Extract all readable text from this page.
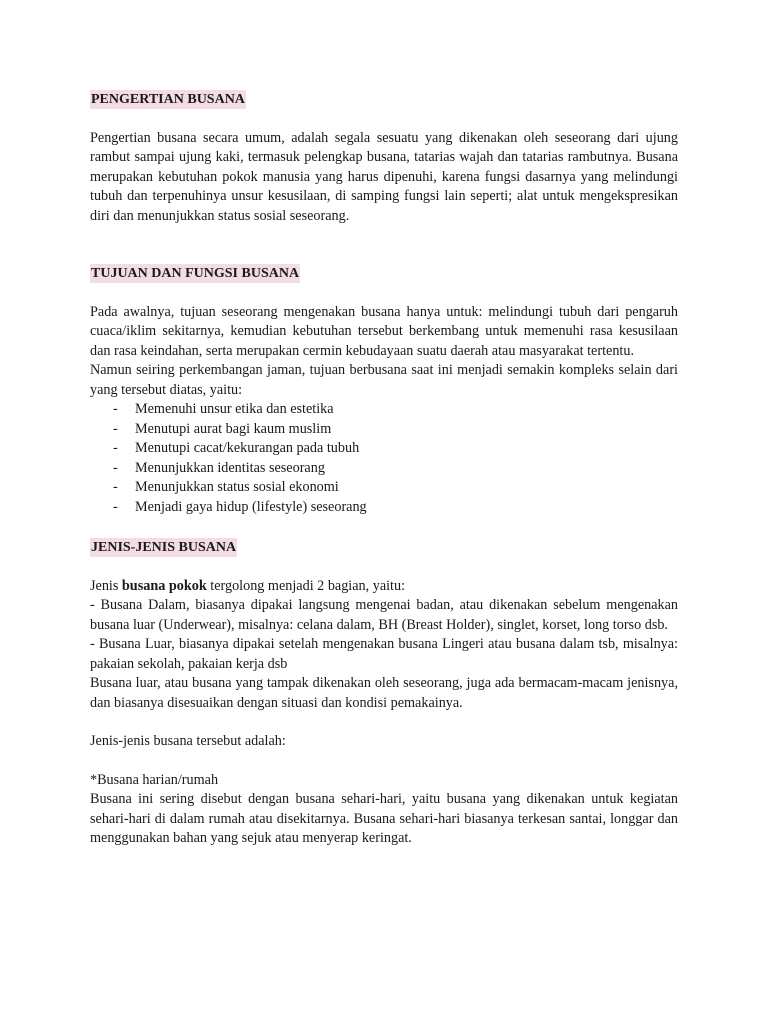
PENGERTIAN BUSANA

Pengertian busana secara umum, adalah segala sesuatu yang dikenakan oleh seseorang dari ujung rambut sampai ujung kaki, termasuk pelengkap busana, tatarias wajah dan tatarias rambutnya. Busana merupakan kebutuhan pokok manusia yang harus dipenuhi, karena fungsi dasarnya yang melindungi tubuh dan terpenuhinya unsur kesusilaan, di samping fungsi lain seperti; alat untuk mengekspresikan diri dan menunjukkan status sosial seseorang.

TUJUAN DAN FUNGSI BUSANA

Pada awalnya, tujuan seseorang mengenakan busana hanya untuk: melindungi tubuh dari pengaruh cuaca/iklim sekitarnya, kemudian kebutuhan tersebut berkembang untuk memenuhi rasa kesusilaan dan rasa keindahan, serta merupakan cermin kebudayaan suatu daerah atau masyarakat tertentu.

Namun seiring perkembangan jaman, tujuan berbusana saat ini menjadi semakin kompleks selain dari yang tersebut diatas, yaitu:

- Memenuhi unsur etika dan estetika
- Menutupi aurat bagi kaum muslim
- Menutupi cacat/kekurangan pada tubuh
- Menunjukkan identitas seseorang
- Menunjukkan status sosial ekonomi
- Menjadi gaya hidup (lifestyle) seseorang
JENIS-JENIS BUSANA

Jenis busana pokok tergolong menjadi 2 bagian, yaitu:

- Busana Dalam, biasanya dipakai langsung mengenai badan, atau dikenakan sebelum mengenakan busana luar (Underwear), misalnya: celana dalam, BH (Breast Holder), singlet, korset, long torso dsb.

- Busana Luar, biasanya dipakai setelah mengenakan busana Lingeri atau busana dalam tsb, misalnya: pakaian sekolah, pakaian kerja dsb

Busana luar, atau busana yang tampak dikenakan oleh seseorang, juga ada bermacam-macam jenisnya, dan biasanya disesuaikan dengan situasi dan kondisi pemakainya.

Jenis-jenis busana tersebut adalah:

*Busana harian/rumah

Busana ini sering disebut dengan busana sehari-hari, yaitu busana yang dikenakan untuk kegiatan sehari-hari di dalam rumah atau disekitarnya. Busana sehari-hari biasanya terkesan santai, longgar dan menggunakan bahan yang sejuk atau menyerap keringat.
